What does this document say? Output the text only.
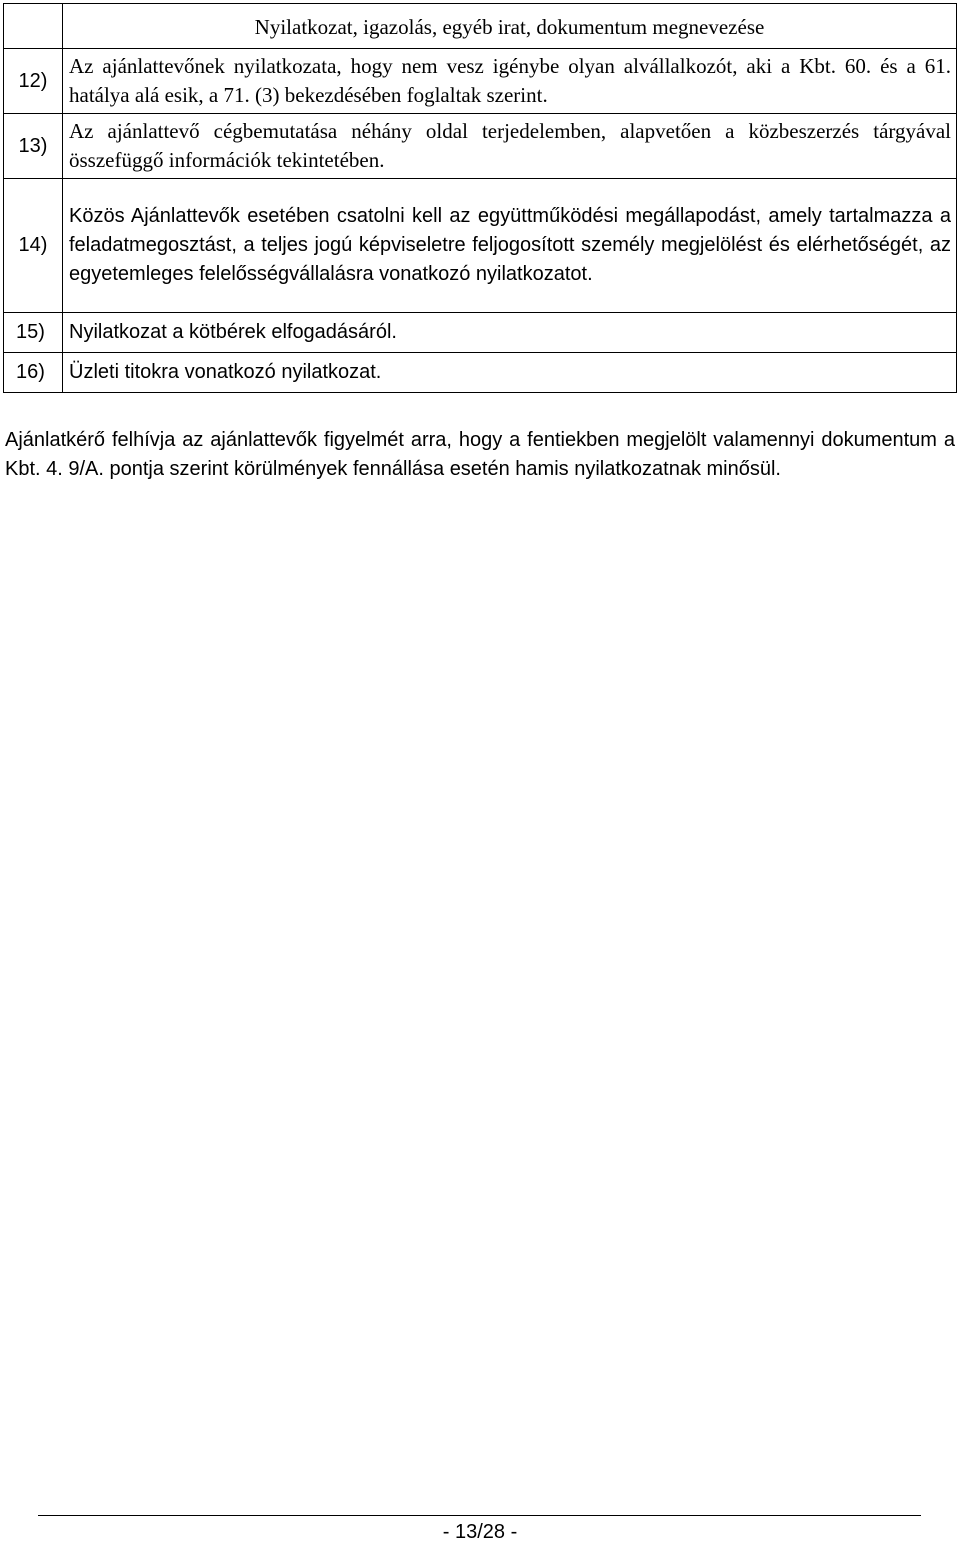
	Nyilatkozat, igazolás, egyéb irat, dokumentum megnevezése
12)	Az ajánlattevőnek nyilatkozata, hogy nem vesz igénybe olyan alvállalkozót, aki a Kbt. 60. és a 61. hatálya alá esik, a 71. (3) bekezdésében foglaltak szerint.
13)	Az ajánlattevő cégbemutatása néhány oldal terjedelemben, alapvetően a közbeszerzés tárgyával összefüggő információk tekintetében.
14)	Közös Ajánlattevők esetében csatolni kell az együttműködési megállapodást, amely tartalmazza a feladatmegosztást, a teljes jogú képviseletre feljogosított személy megjelölést és elérhetőségét, az egyetemleges felelősségvállalásra vonatkozó nyilatkozatot.
15)	Nyilatkozat a kötbérek elfogadásáról.
16)	Üzleti titokra vonatkozó nyilatkozat.

Ajánlatkérő felhívja az ajánlattevők figyelmét arra, hogy a fentiekben megjelölt valamennyi dokumentum a Kbt. 4. 9/A. pontja szerint körülmények fennállása esetén hamis nyilatkozatnak minősül.

- 13/28 -
